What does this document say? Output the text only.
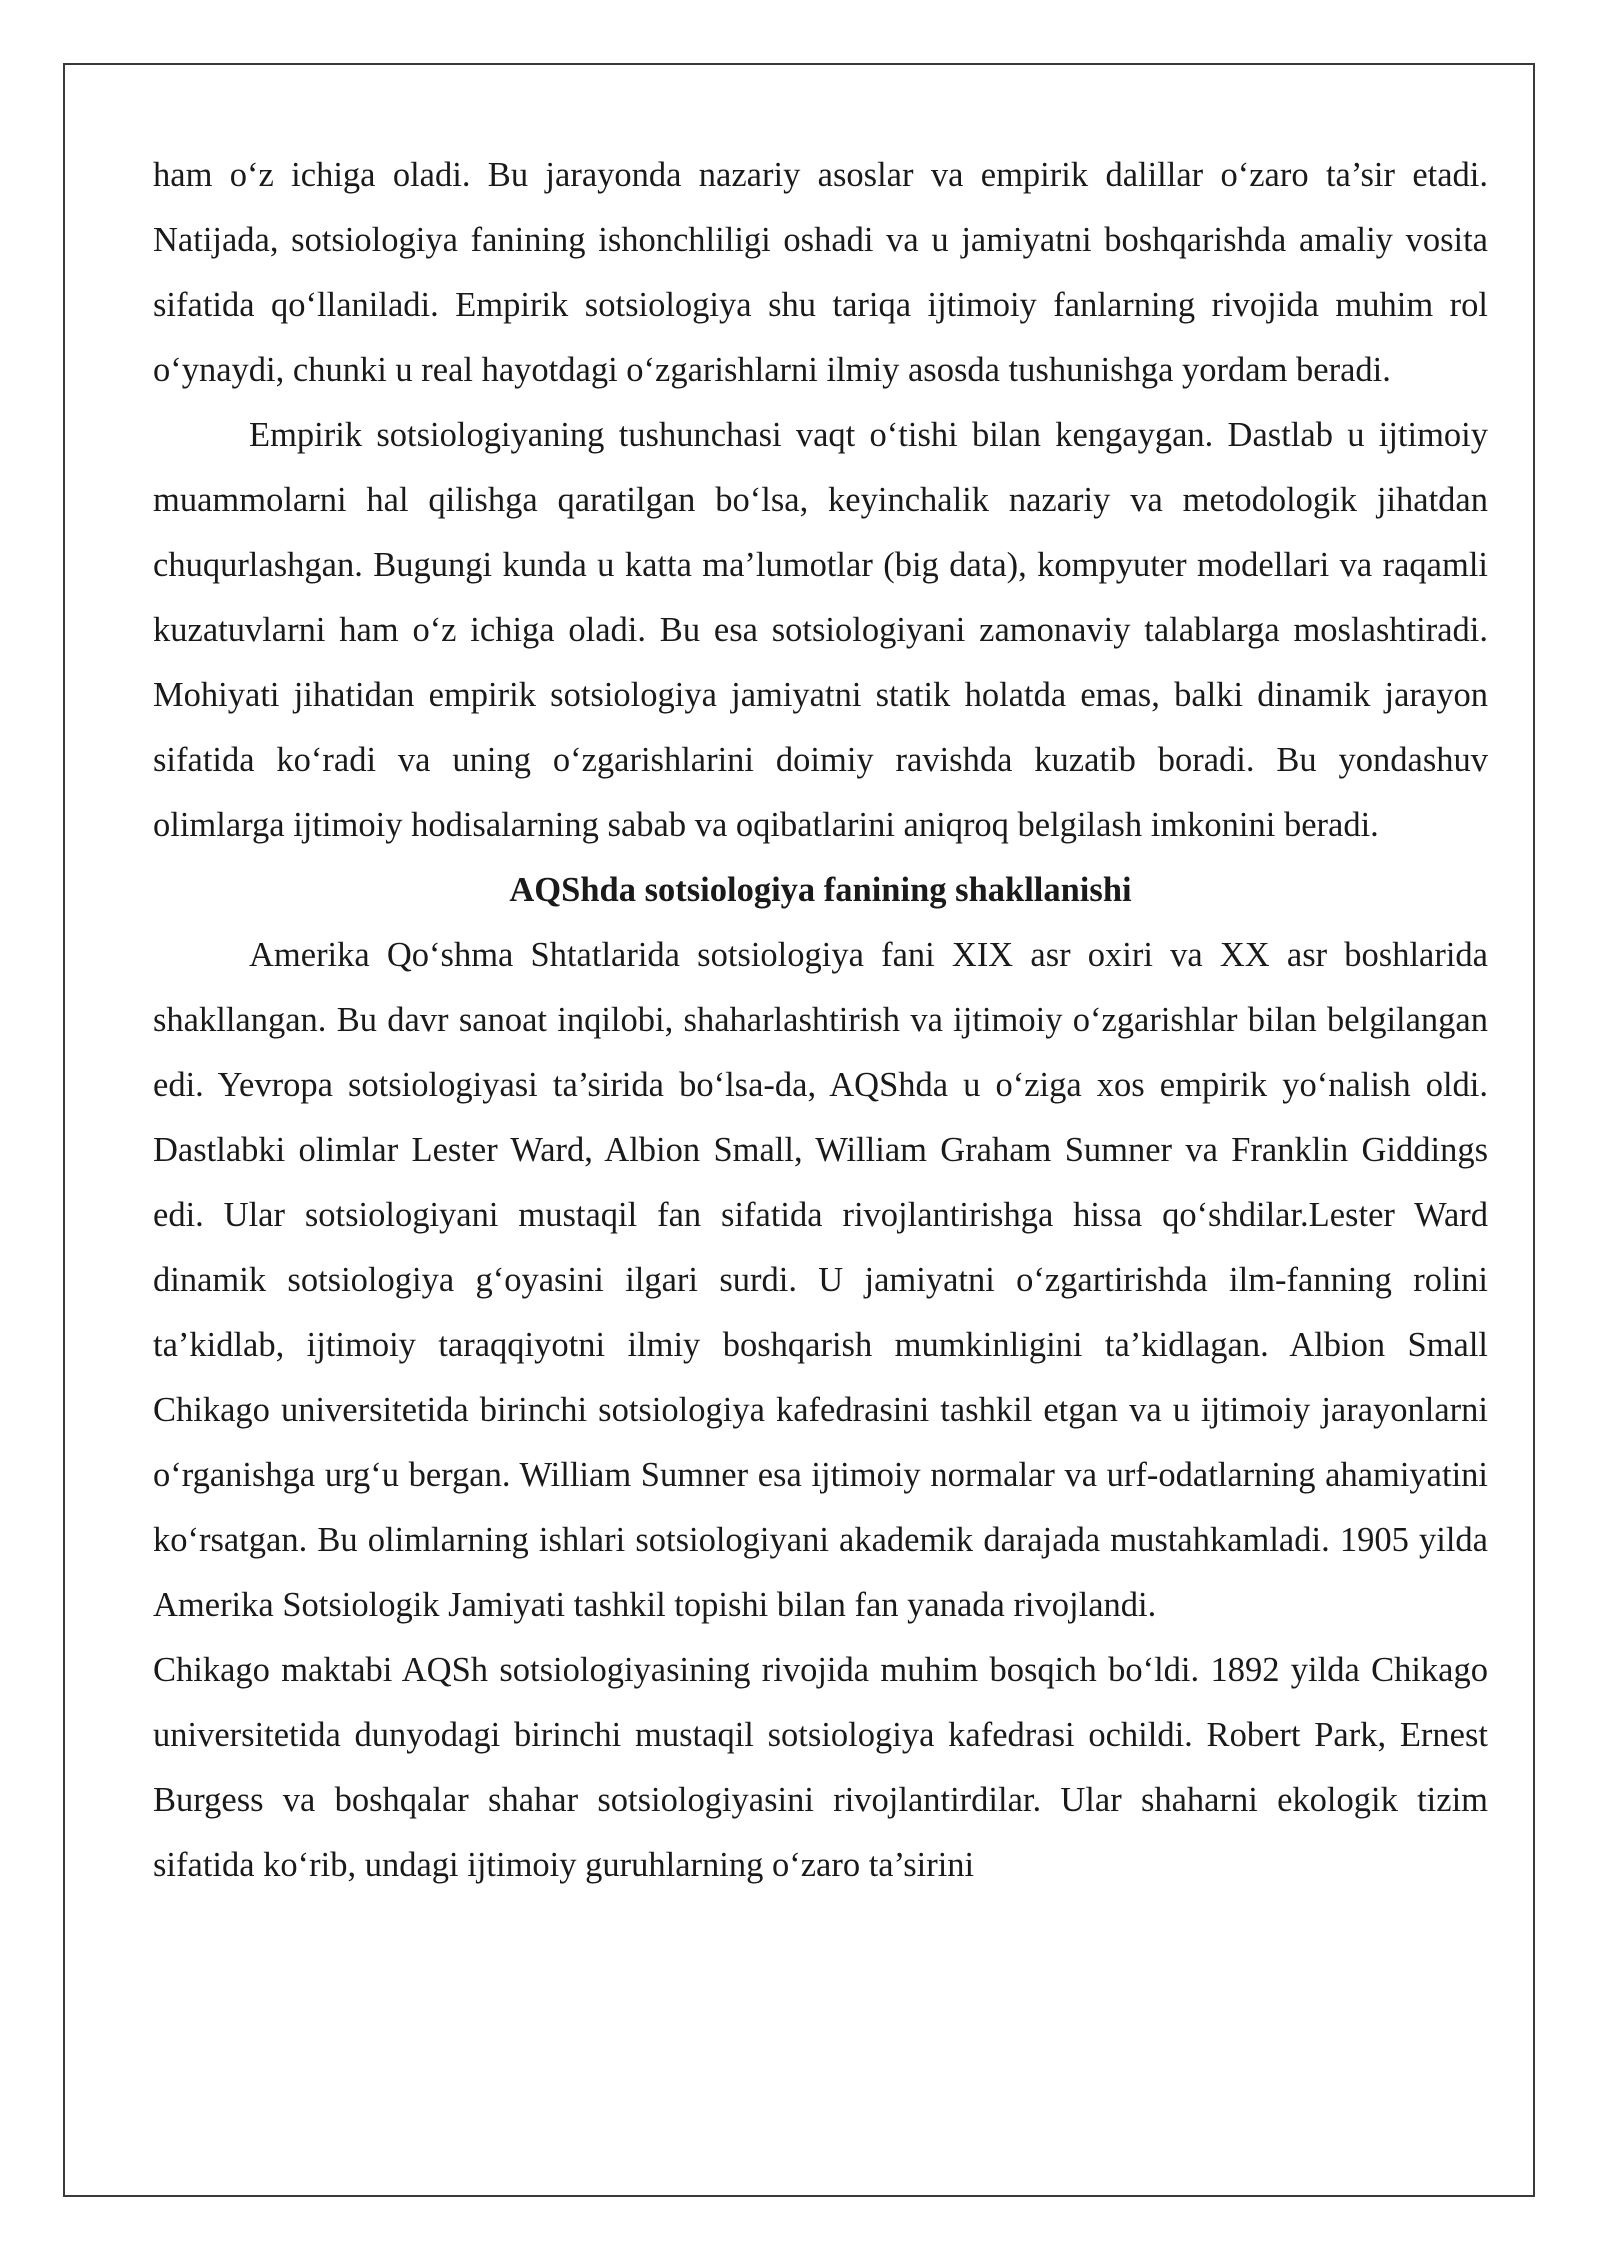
ham o‘z ichiga oladi. Bu jarayonda nazariy asoslar va empirik dalillar o‘zaro ta’sir etadi. Natijada, sotsiologiya fanining ishonchliligi oshadi va u jamiyatni boshqarishda amaliy vosita sifatida qo‘llaniladi. Empirik sotsiologiya shu tariqa ijtimoiy fanlarning rivojida muhim rol o‘ynaydi, chunki u real hayotdagi o‘zgarishlarni ilmiy asosda tushunishga yordam beradi.

Empirik sotsiologiyaning tushunchasi vaqt o‘tishi bilan kengaygan. Dastlab u ijtimoiy muammolarni hal qilishga qaratilgan bo‘lsa, keyinchalik nazariy va metodologik jihatdan chuqurlashgan. Bugungi kunda u katta ma’lumotlar (big data), kompyuter modellari va raqamli kuzatuvlarni ham o‘z ichiga oladi. Bu esa sotsiologiyani zamonaviy talablarga moslashtiradi. Mohiyati jihatidan empirik sotsiologiya jamiyatni statik holatda emas, balki dinamik jarayon sifatida ko‘radi va uning o‘zgarishlarini doimiy ravishda kuzatib boradi. Bu yondashuv olimlarga ijtimoiy hodisalarning sabab va oqibatlarini aniqroq belgilash imkonini beradi.

AQShda sotsiologiya fanining shakllanishi

Amerika Qo‘shma Shtatlarida sotsiologiya fani XIX asr oxiri va XX asr boshlarida shakllangan. Bu davr sanoat inqilobi, shaharlashtirish va ijtimoiy o‘zgarishlar bilan belgilangan edi. Yevropa sotsiologiyasi ta’sirida bo‘lsa-da, AQShda u o‘ziga xos empirik yo‘nalish oldi. Dastlabki olimlar Lester Ward, Albion Small, William Graham Sumner va Franklin Giddings edi. Ular sotsiologiyani mustaqil fan sifatida rivojlantirishga hissa qo‘shdilar.Lester Ward dinamik sotsiologiya g‘oyasini ilgari surdi. U jamiyatni o‘zgartirishda ilm-fanning rolini ta’kidlab, ijtimoiy taraqqiyotni ilmiy boshqarish mumkinligini ta’kidlagan. Albion Small Chikago universitetida birinchi sotsiologiya kafedrasini tashkil etgan va u ijtimoiy jarayonlarni o‘rganishga urg‘u bergan. William Sumner esa ijtimoiy normalar va urf-odatlarning ahamiyatini ko‘rsatgan. Bu olimlarning ishlari sotsiologiyani akademik darajada mustahkamladi. 1905 yilda Amerika Sotsiologik Jamiyati tashkil topishi bilan fan yanada rivojlandi.

Chikago maktabi AQSh sotsiologiyasining rivojida muhim bosqich bo‘ldi. 1892 yilda Chikago universitetida dunyodagi birinchi mustaqil sotsiologiya kafedrasi ochildi. Robert Park, Ernest Burgess va boshqalar shahar sotsiologiyasini rivojlantirdilar. Ular shaharni ekologik tizim sifatida ko‘rib, undagi ijtimoiy guruhlarning o‘zaro ta’sirini
